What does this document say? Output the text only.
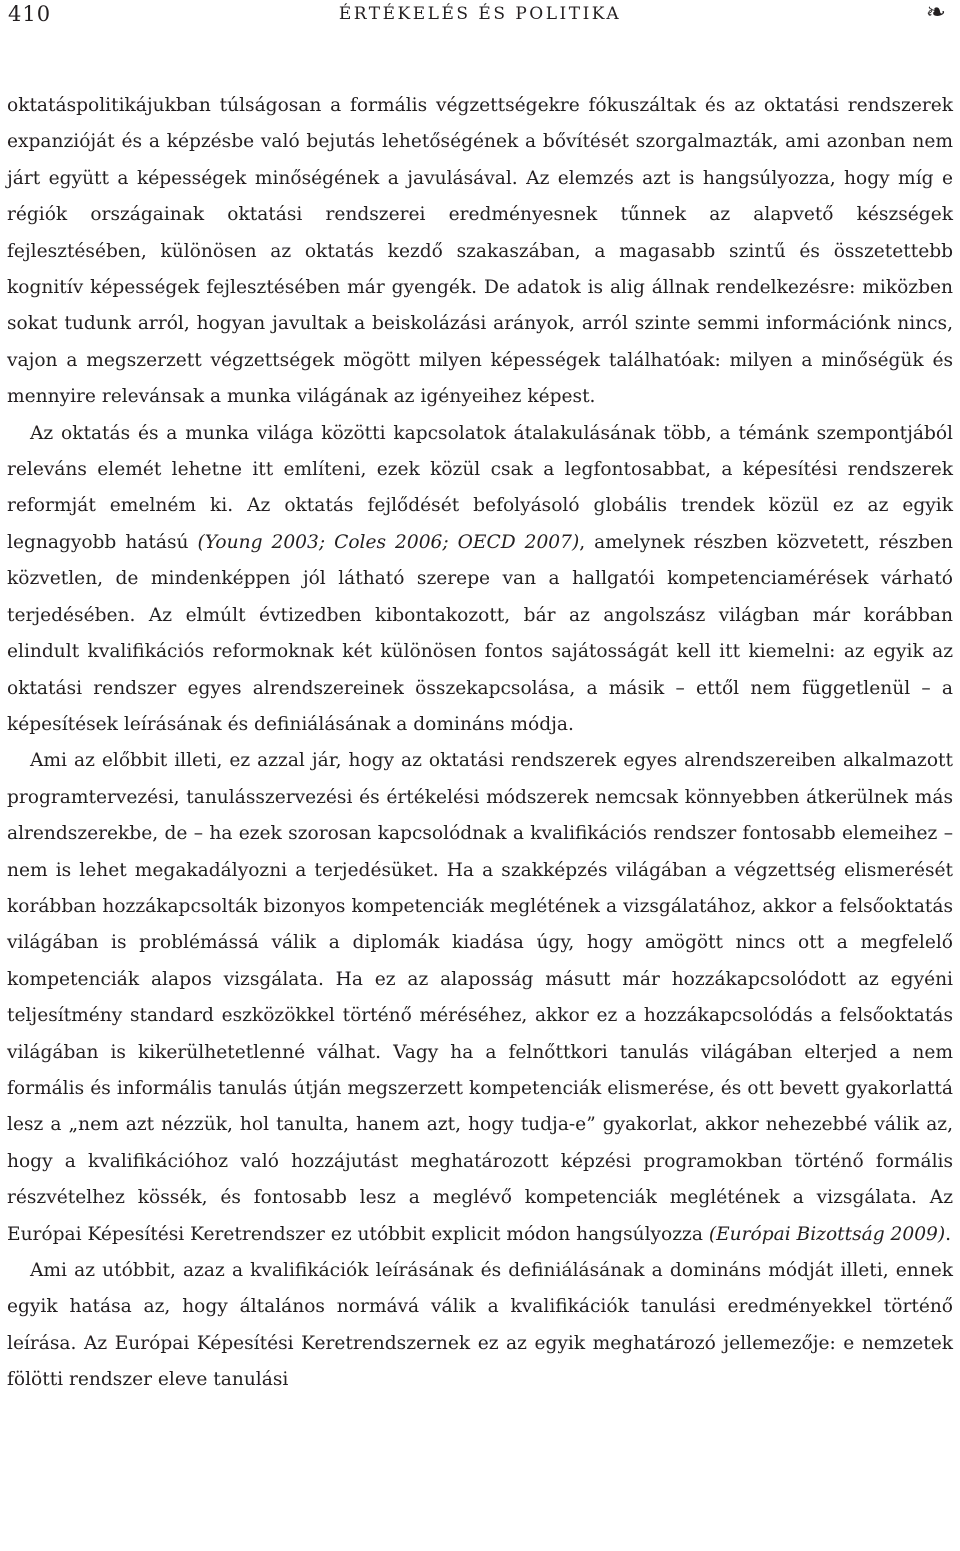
410	ÉRTÉKELÉS ÉS POLITIKA	❧

oktatáspolitikájukban túlságosan a formális végzettségekre fókuszáltak és az oktatási rendszerek expanzióját és a képzésbe való bejutás lehetőségének a bővítését szorgalmazták, ami azonban nem járt együtt a képességek minőségének a javulásával. Az elemzés azt is hangsúlyozza, hogy míg e régiók országainak oktatási rendszerei eredményesnek tűnnek az alapvető készségek fejlesztésében, különösen az oktatás kezdő szakaszában, a magasabb szintű és összetettebb kognitív képességek fejlesztésében már gyengék. De adatok is alig állnak rendelkezésre: miközben sokat tudunk arról, hogyan javultak a beiskolázási arányok, arról szinte semmi információnk nincs, vajon a megszerzett végzettségek mögött milyen képességek találhatóak: milyen a minőségük és mennyire relevánsak a munka világának az igényeihez képest.

Az oktatás és a munka világa közötti kapcsolatok átalakulásának több, a témánk szempontjából releváns elemét lehetne itt említeni, ezek közül csak a legfontosabbat, a képesítési rendszerek reformját emelném ki. Az oktatás fejlődését befolyásoló globális trendek közül ez az egyik legnagyobb hatású (Young 2003; Coles 2006; OECD 2007), amelynek részben közvetett, részben közvetlen, de mindenképpen jól látható szerepe van a hallgatói kompetenciamérések várható terjedésében. Az elmúlt évtizedben kibontakozott, bár az angolszász világban már korábban elindult kvalifikációs reformoknak két különösen fontos sajátosságát kell itt kiemelni: az egyik az oktatási rendszer egyes alrendszereinek összekapcsolása, a másik – ettől nem függetlenül – a képesítések leírásának és definiálásának a domináns módja.

Ami az előbbit illeti, ez azzal jár, hogy az oktatási rendszerek egyes alrendszereiben alkalmazott programtervezési, tanulásszervezési és értékelési módszerek nemcsak könnyebben átkerülnek más alrendszerekbe, de – ha ezek szorosan kapcsolódnak a kvalifikációs rendszer fontosabb elemeihez – nem is lehet megakadályozni a terjedésüket. Ha a szakképzés világában a végzettség elismerését korábban hozzákapcsolták bizonyos kompetenciák meglétének a vizsgálatához, akkor a felsőoktatás világában is problémássá válik a diplomák kiadása úgy, hogy amögött nincs ott a megfelelő kompetenciák alapos vizsgálata. Ha ez az alaposság másutt már hozzákapcsolódott az egyéni teljesítmény standard eszközökkel történő méréséhez, akkor ez a hozzákapcsolódás a felsőoktatás világában is kikerülhetetlenné válhat. Vagy ha a felnőttkori tanulás világában elterjed a nem formális és informális tanulás útján megszerzett kompetenciák elismerése, és ott bevett gyakorlattá lesz a „nem azt nézzük, hol tanulta, hanem azt, hogy tudja-e” gyakorlat, akkor nehezebbé válik az, hogy a kvalifikációhoz való hozzájutást meghatározott képzési programokban történő formális részvételhez kössék, és fontosabb lesz a meglévő kompetenciák meglétének a vizsgálata. Az Európai Képesítési Keretrendszer ez utóbbit explicit módon hangsúlyozza (Európai Bizottság 2009).

Ami az utóbbit, azaz a kvalifikációk leírásának és definiálásának a domináns módját illeti, ennek egyik hatása az, hogy általános normává válik a kvalifikációk tanulási eredményekkel történő leírása. Az Európai Képesítési Keretrendszernek ez az egyik meghatározó jellemezője: e nemzetek fölötti rendszer eleve tanulási
